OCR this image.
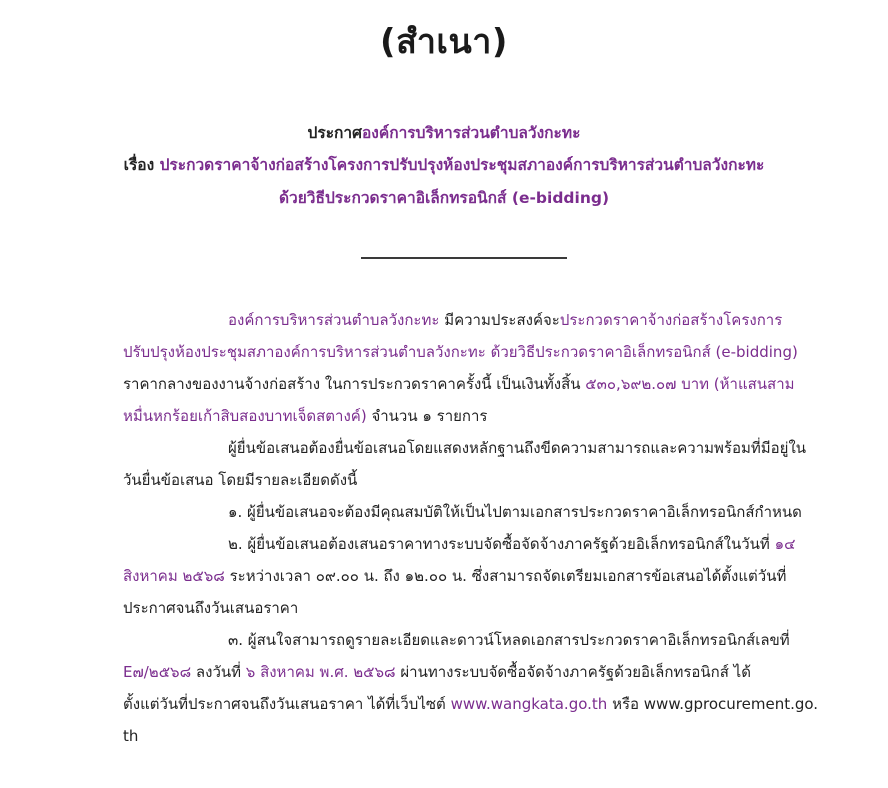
(สำเนา)
ประกาศองค์การบริหารส่วนตำบลวังกะทะ
เรื่อง ประกวดราคาจ้างก่อสร้างโครงการปรับปรุงห้องประชุมสภาองค์การบริหารส่วนตำบลวังกะทะ
ด้วยวิธีประกวดราคาอิเล็กทรอนิกส์ (e-bidding)
องค์การบริหารส่วนตำบลวังกะทะ มีความประสงค์จะประกวดราคาจ้างก่อสร้างโครงการ
ปรับปรุงห้องประชุมสภาองค์การบริหารส่วนตำบลวังกะทะ ด้วยวิธีประกวดราคาอิเล็กทรอนิกส์ (e-bidding)
ราคากลางของงานจ้างก่อสร้าง ในการประกวดราคาครั้งนี้ เป็นเงินทั้งสิ้น ๕๓๐,๖๙๒.๐๗ บาท (ห้าแสนสาม
หมื่นหกร้อยเก้าสิบสองบาทเจ็ดสตางค์) จำนวน ๑ รายการ
ผู้ยื่นข้อเสนอต้องยื่นข้อเสนอโดยแสดงหลักฐานถึงขีดความสามารถและความพร้อมที่มีอยู่ใน
วันยื่นข้อเสนอ โดยมีรายละเอียดดังนี้
๑. ผู้ยื่นข้อเสนอจะต้องมีคุณสมบัติให้เป็นไปตามเอกสารประกวดราคาอิเล็กทรอนิกส์กำหนด
๒. ผู้ยื่นข้อเสนอต้องเสนอราคาทางระบบจัดซื้อจัดจ้างภาครัฐด้วยอิเล็กทรอนิกส์ในวันที่ ๑๔
สิงหาคม ๒๕๖๘ ระหว่างเวลา ๐๙.๐๐ น. ถึง ๑๒.๐๐ น. ซึ่งสามารถจัดเตรียมเอกสารข้อเสนอได้ตั้งแต่วันที่
ประกาศจนถึงวันเสนอราคา
๓. ผู้สนใจสามารถดูรายละเอียดและดาวน์โหลดเอกสารประกวดราคาอิเล็กทรอนิกส์เลขที่
E๗/๒๕๖๘ ลงวันที่ ๖ สิงหาคม พ.ศ. ๒๕๖๘ ผ่านทางระบบจัดซื้อจัดจ้างภาครัฐด้วยอิเล็กทรอนิกส์ ได้
ตั้งแต่วันที่ประกาศจนถึงวันเสนอราคา ได้ที่เว็บไซต์ www.wangkata.go.th หรือ www.gprocurement.go.
th
